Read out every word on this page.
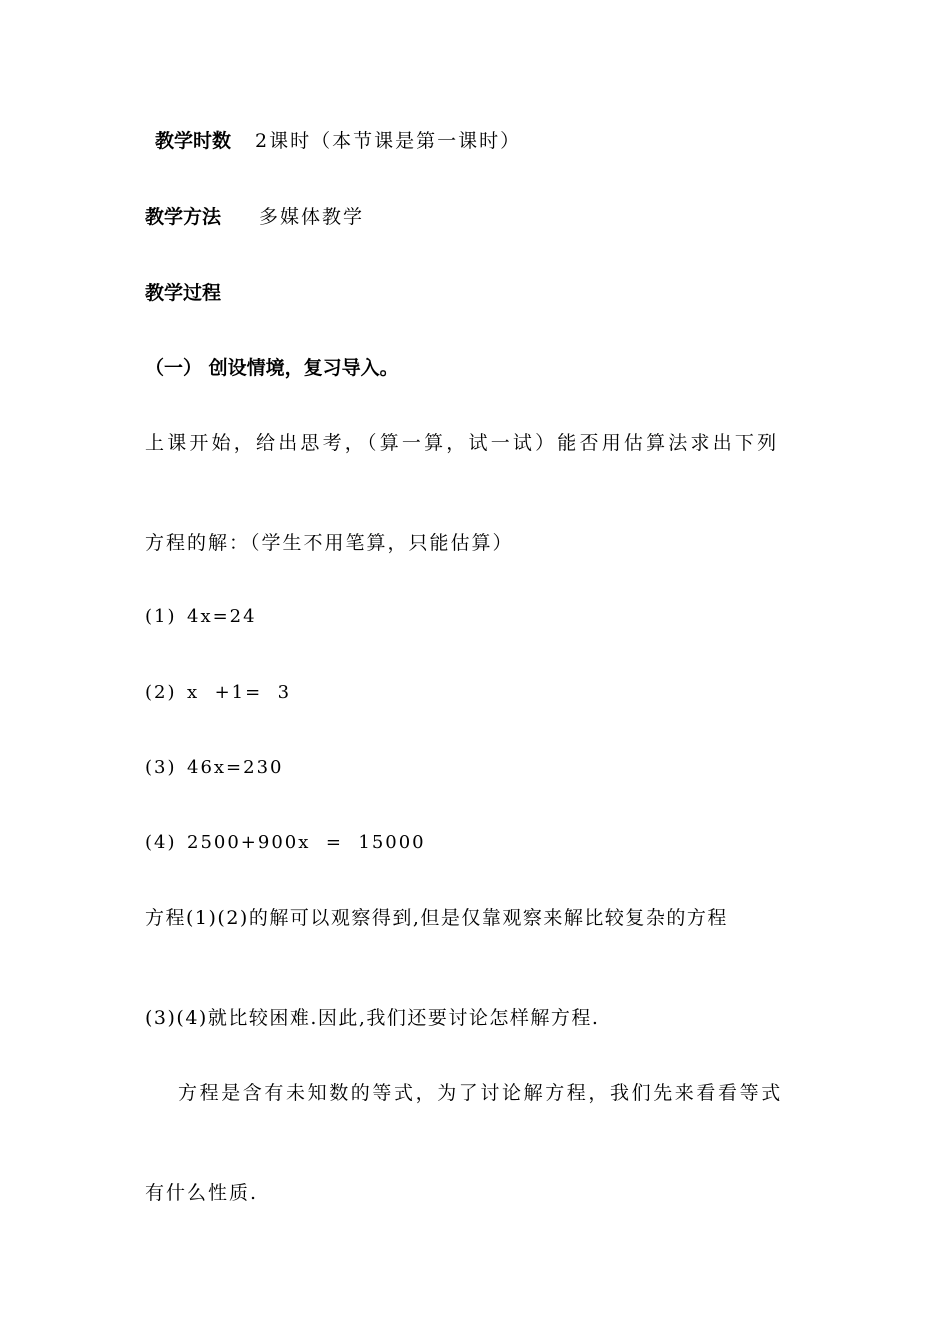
教学时数 2课时（本节课是第一课时）
教学方法 多媒体教学
教学过程
（一） 创设情境，复习导入。
上课开始，给出思考，（算一算，试一试）能否用估算法求出下列
方程的解：（学生不用笔算，只能估算）
(1) 4x=24
(2) x  +1=  3
(3) 46x=230
(4) 2500+900x  =  15000
方程(1)(2)的解可以观察得到,但是仅靠观察来解比较复杂的方程
(3)(4)就比较困难.因此,我们还要讨论怎样解方程.
方程是含有未知数的等式，为了讨论解方程，我们先来看看等式
有什么性质.
